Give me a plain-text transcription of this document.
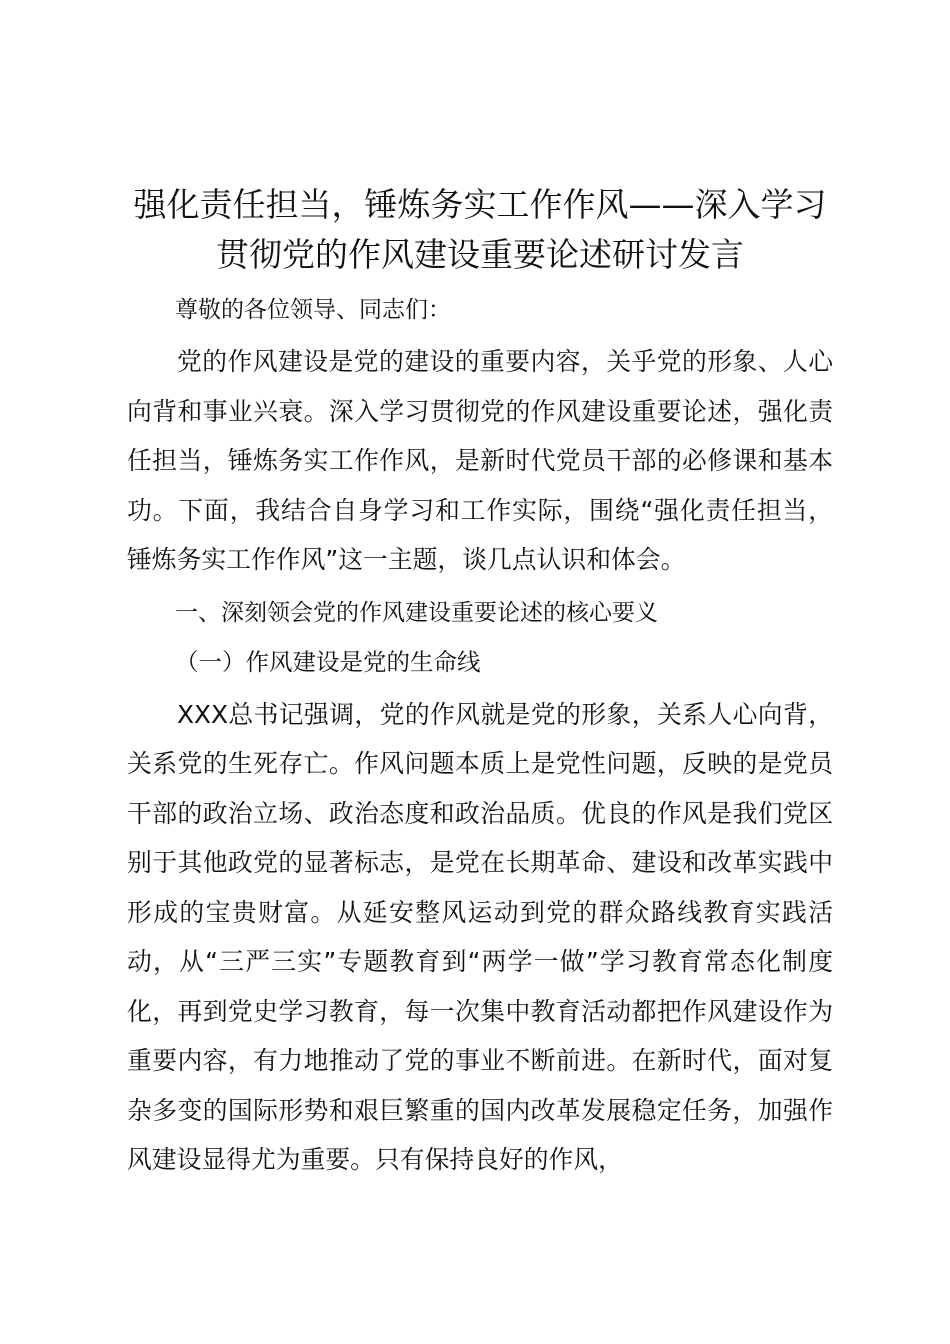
强化责任担当，锤炼务实工作作风——深入学习贯彻党的作风建设重要论述研讨发言

尊敬的各位领导、同志们：

党的作风建设是党的建设的重要内容，关乎党的形象、人心向背和事业兴衰。深入学习贯彻党的作风建设重要论述，强化责任担当，锤炼务实工作作风，是新时代党员干部的必修课和基本功。下面，我结合自身学习和工作实际，围绕“强化责任担当，锤炼务实工作作风”这一主题，谈几点认识和体会。

一、深刻领会党的作风建设重要论述的核心要义

（一）作风建设是党的生命线

XXX总书记强调，党的作风就是党的形象，关系人心向背，关系党的生死存亡。作风问题本质上是党性问题，反映的是党员干部的政治立场、政治态度和政治品质。优良的作风是我们党区别于其他政党的显著标志，是党在长期革命、建设和改革实践中形成的宝贵财富。从延安整风运动到党的群众路线教育实践活动，从“三严三实”专题教育到“两学一做”学习教育常态化制度化，再到党史学习教育，每一次集中教育活动都把作风建设作为重要内容，有力地推动了党的事业不断前进。在新时代，面对复杂多变的国际形势和艰巨繁重的国内改革发展稳定任务，加强作风建设显得尤为重要。只有保持良好的作风，
